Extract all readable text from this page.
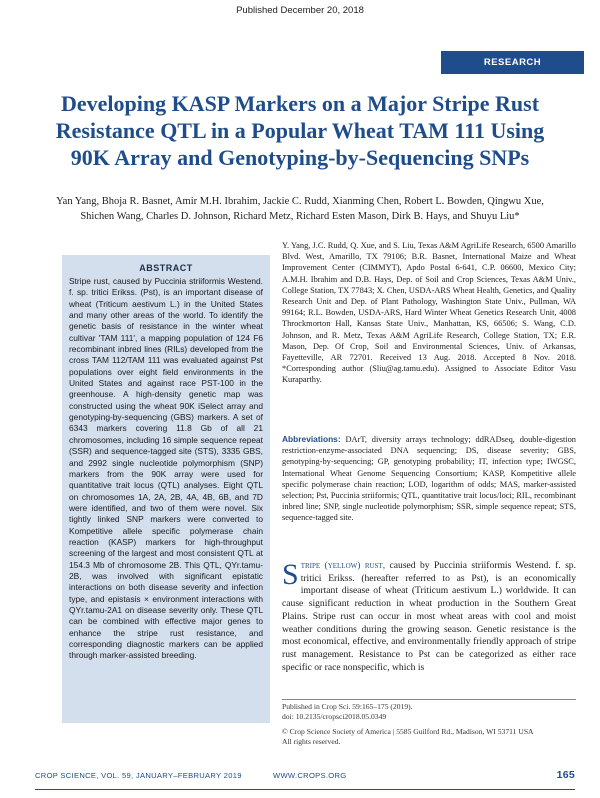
Published December 20, 2018
RESEARCH
Developing KASP Markers on a Major Stripe Rust Resistance QTL in a Popular Wheat TAM 111 Using 90K Array and Genotyping-by-Sequencing SNPs

Yan Yang, Bhoja R. Basnet, Amir M.H. Ibrahim, Jackie C. Rudd, Xianming Chen, Robert L. Bowden, Qingwu Xue, Shichen Wang, Charles D. Johnson, Richard Metz, Richard Esten Mason, Dirk B. Hays, and Shuyu Liu*

ABSTRACT

Stripe rust, caused by Puccinia striiformis Westend. f. sp. tritici Erikss. (Pst), is an important disease of wheat (Triticum aestivum L.) in the United States and many other areas of the world. To identify the genetic basis of resistance in the winter wheat cultivar 'TAM 111', a mapping population of 124 F6 recombinant inbred lines (RILs) developed from the cross TAM 112/TAM 111 was evaluated against Pst populations over eight field environments in the United States and against race PST-100 in the greenhouse. A high-density genetic map was constructed using the wheat 90K iSelect array and genotyping-by-sequencing (GBS) markers. A set of 6343 markers covering 11.8 Gb of all 21 chromosomes, including 16 simple sequence repeat (SSR) and sequence-tagged site (STS), 3335 GBS, and 2992 single nucleotide polymorphism (SNP) markers from the 90K array were used for quantitative trait locus (QTL) analyses. Eight QTL on chromosomes 1A, 2A, 2B, 4A, 4B, 6B, and 7D were identified, and two of them were novel. Six tightly linked SNP markers were converted to Kompetitive allele specific polymerase chain reaction (KASP) markers for high-throughput screening of the largest and most consistent QTL at 154.3 Mb of chromosome 2B. This QTL, QYr.tamu-2B, was involved with significant epistatic interactions on both disease severity and infection type, and epistasis × environment interactions with QYr.tamu-2A1 on disease severity only. These QTL can be combined with effective major genes to enhance the stripe rust resistance, and corresponding diagnostic markers can be applied through marker-assisted breeding.

Y. Yang, J.C. Rudd, Q. Xue, and S. Liu, Texas A&M AgriLife Research, 6500 Amarillo Blvd. West, Amarillo, TX 79106; B.R. Basnet, International Maize and Wheat Improvement Center (CIMMYT), Apdo Postal 6-641, C.P. 06600, Mexico City; A.M.H. Ibrahim and D.B. Hays, Dep. of Soil and Crop Sciences, Texas A&M Univ., College Station, TX 77843; X. Chen, USDA-ARS Wheat Health, Genetics, and Quality Research Unit and Dep. of Plant Pathology, Washington State Univ., Pullman, WA 99164; R.L. Bowden, USDA-ARS, Hard Winter Wheat Genetics Research Unit, 4008 Throckmorton Hall, Kansas State Univ., Manhattan, KS, 66506; S. Wang, C.D. Johnson, and R. Metz, Texas A&M AgriLife Research, College Station, TX; E.R. Mason, Dep. Of Crop, Soil and Environmental Sciences, Univ. of Arkansas, Fayetteville, AR 72701. Received 13 Aug. 2018. Accepted 8 Nov. 2018. *Corresponding author (Sliu@ag.tamu.edu). Assigned to Associate Editor Vasu Kuraparthy.

Abbreviations: DArT, diversity arrays technology; ddRADseq, double-digestion restriction-enzyme-associated DNA sequencing; DS, disease severity; GBS, genotyping-by-sequencing; GP, genotyping probability; IT, infection type; IWGSC, International Wheat Genome Sequencing Consortium; KASP, Kompetitive allele specific polymerase chain reaction; LOD, logarithm of odds; MAS, marker-assisted selection; Pst, Puccinia striiformis; QTL, quantitative trait locus/loci; RIL, recombinant inbred line; SNP, single nucleotide polymorphism; SSR, simple sequence repeat; STS, sequence-tagged site.

Stripe (yellow) rust, caused by Puccinia striiformis Westend. f. sp. tritici Erikss. (hereafter referred to as Pst), is an economically important disease of wheat (Triticum aestivum L.) worldwide. It can cause significant reduction in wheat production in the Southern Great Plains. Stripe rust can occur in most wheat areas with cool and moist weather conditions during the growing season. Genetic resistance is the most economical, effective, and environmentally friendly approach of stripe rust management. Resistance to Pst can be categorized as either race specific or race nonspecific, which is

Published in Crop Sci. 59:165–175 (2019).
doi: 10.2135/cropsci2018.05.0349
© Crop Science Society of America | 5585 Guilford Rd., Madison, WI 53711 USA
All rights reserved.
CROP SCIENCE, VOL. 59, JANUARY–FEBRUARY 2019	WWW.CROPS.ORG	165
